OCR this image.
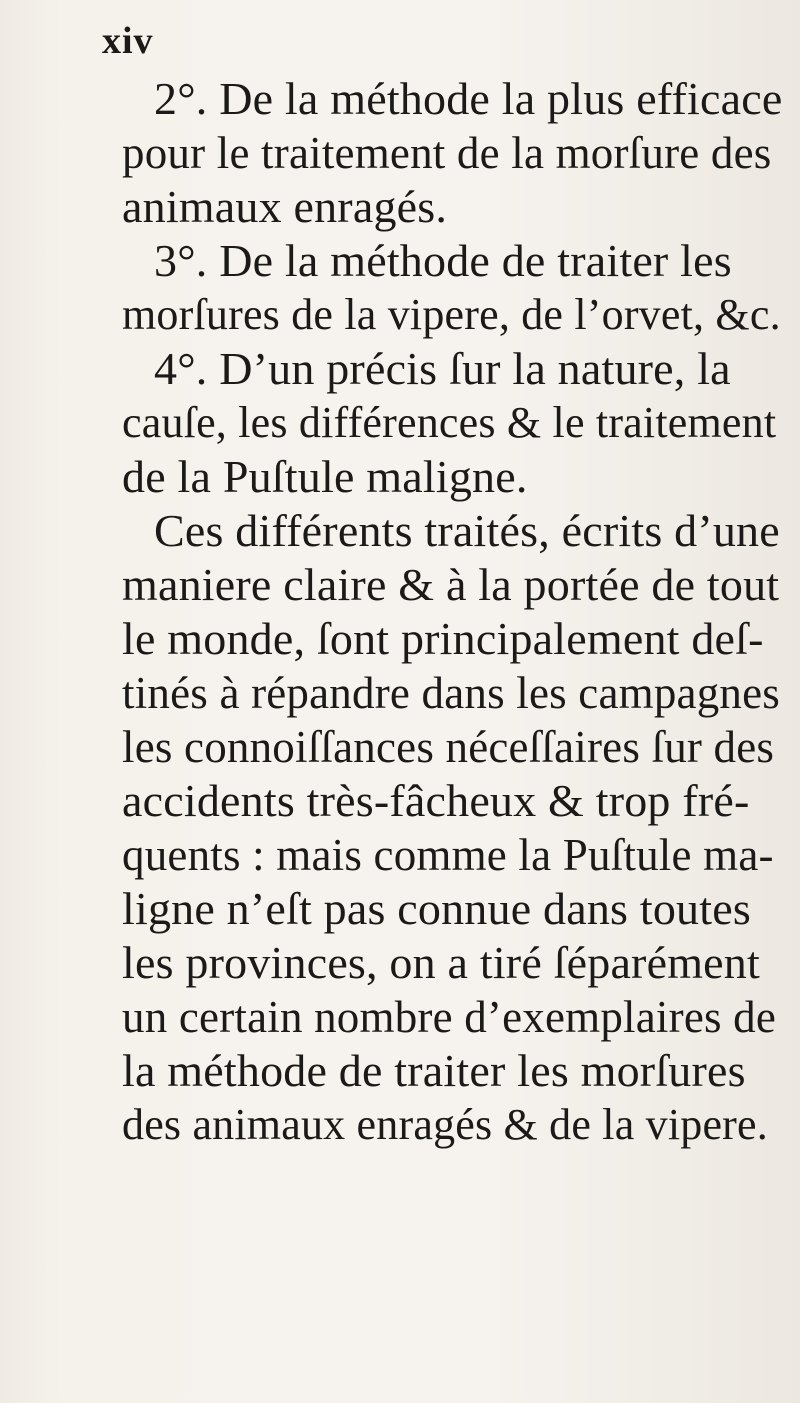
xiv
2°. De la méthode la plus efficace
pour le traitement de la morſure des
animaux enragés.
3°. De la méthode de traiter les
morſures de la vipere, de l’orvet, &c.
4°. D’un précis ſur la nature, la
cauſe, les différences & le traitement
de la Puſtule maligne.
Ces différents traités, écrits d’une
maniere claire & à la portée de tout
le monde, ſont principalement deſ-
tinés à répandre dans les campagnes
les connoiſſances néceſſaires ſur des
accidents très-fâcheux & trop fré-
quents : mais comme la Puſtule ma-
ligne n’eſt pas connue dans toutes
les provinces, on a tiré ſéparément
un certain nombre d’exemplaires de
la méthode de traiter les morſures
des animaux enragés & de la vipere.
